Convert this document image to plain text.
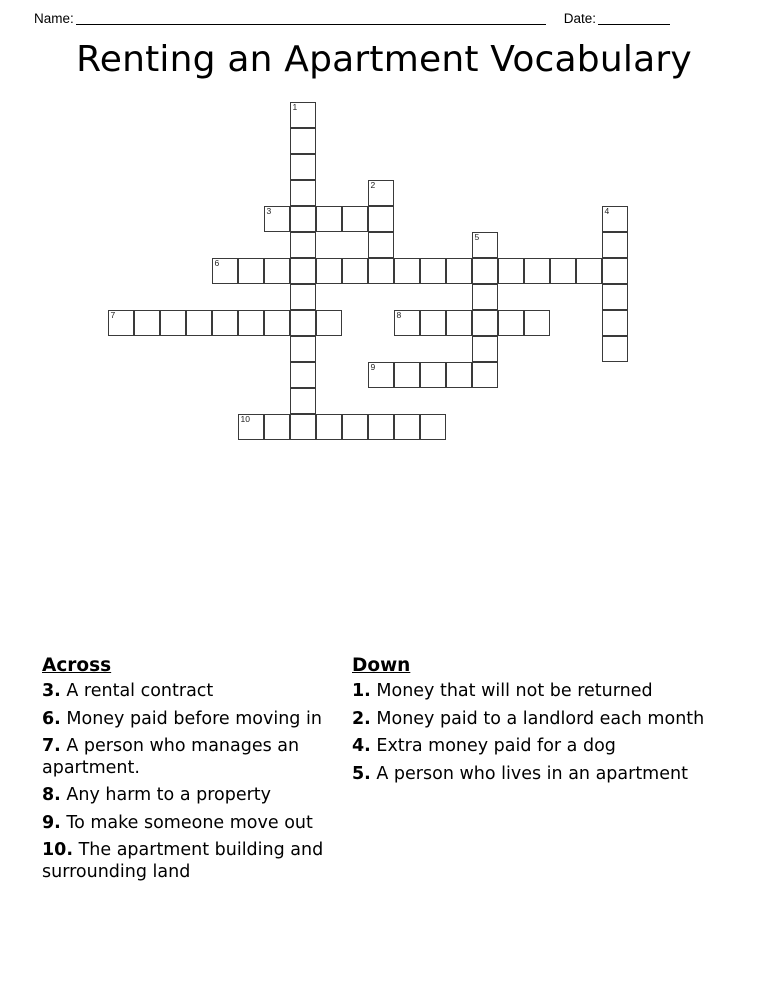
Name:	Date:
Renting an Apartment Vocabulary
1
2
3	4
5
6
7	8
9
10
Across
3. A rental contract
6. Money paid before moving in
7. A person who manages an apartment.
8. Any harm to a property
9. To make someone move out
10. The apartment building and surrounding land
Down
1. Money that will not be returned
2. Money paid to a landlord each month
4. Extra money paid for a dog
5. A person who lives in an apartment
